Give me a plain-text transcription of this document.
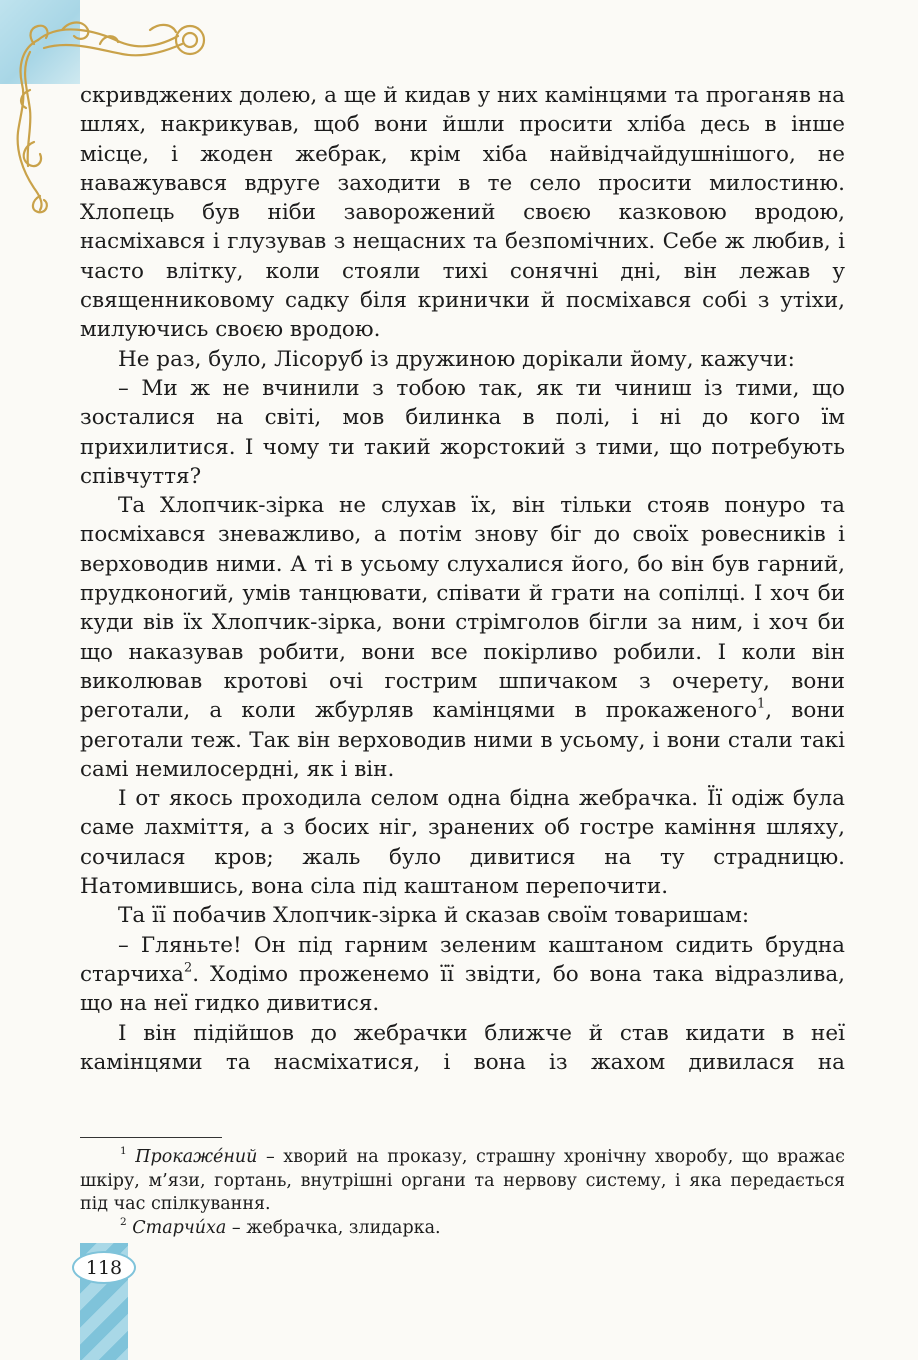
скривджених долею, а ще й кидав у них камінцями та проганяв на шлях, накрикував, щоб вони йшли просити хліба десь в інше місце, і жоден жебрак, крім хіба найвідчайдушнішого, не наважувався вдруге заходити в те село просити милостиню. Хлопець був ніби заворожений своєю казковою вродою, насміхався і глузував з нещасних та безпомічних. Себе ж любив, і часто влітку, коли стояли тихі сонячні дні, він лежав у священниковому садку біля кринички й посміхався собі з утіхи, милуючись своєю вродою.

Не раз, було, Лісоруб із дружиною дорікали йому, кажучи:

– Ми ж не вчинили з тобою так, як ти чиниш із тими, що зосталися на світі, мов билинка в полі, і ні до кого їм прихилитися. І чому ти такий жорстокий з тими, що потребують співчуття?

Та Хлопчик-зірка не слухав їх, він тільки стояв понуро та посміхався зневажливо, а потім знову біг до своїх ровесників і верховодив ними. А ті в усьому слухалися його, бо він був гарний, прудконогий, умів танцювати, співати й грати на сопілці. І хоч би куди вів їх Хлопчик-зірка, вони стрімголов бігли за ним, і хоч би що наказував робити, вони все покірливо робили. І коли він виколював кротові очі гострим шпичаком з очерету, вони реготали, а коли жбурляв камінцями в прокаженого$^1$, вони реготали теж. Так він верховодив ними в усьому, і вони стали такі самі немилосердні, як і він.

І от якось проходила селом одна бідна жебрачка. Її одіж була саме лахміття, а з босих ніг, зранених об гостре каміння шляху, сочилася кров; жаль було дивитися на ту страдницю. Натомившись, вона сіла під каштаном перепочити.

Та її побачив Хлопчик-зірка й сказав своїм товаришам:

– Гляньте! Он під гарним зеленим каштаном сидить брудна старчиха$^2$. Ходімо проженемо її звідти, бо вона така відразлива, що на неї гидко дивитися.

І він підійшов до жебрачки ближче й став кидати в неї камінцями та насміхатися, і вона із жахом дивилася на

$^1$ Прокаже́ний – хворий на проказу, страшну хронічну хворобу, що вражає шкіру, м’язи, гортань, внутрішні органи та нервову систему, і яка передається під час спілкування.

$^2$ Старчи́ха – жебрачка, злидарка.

118
